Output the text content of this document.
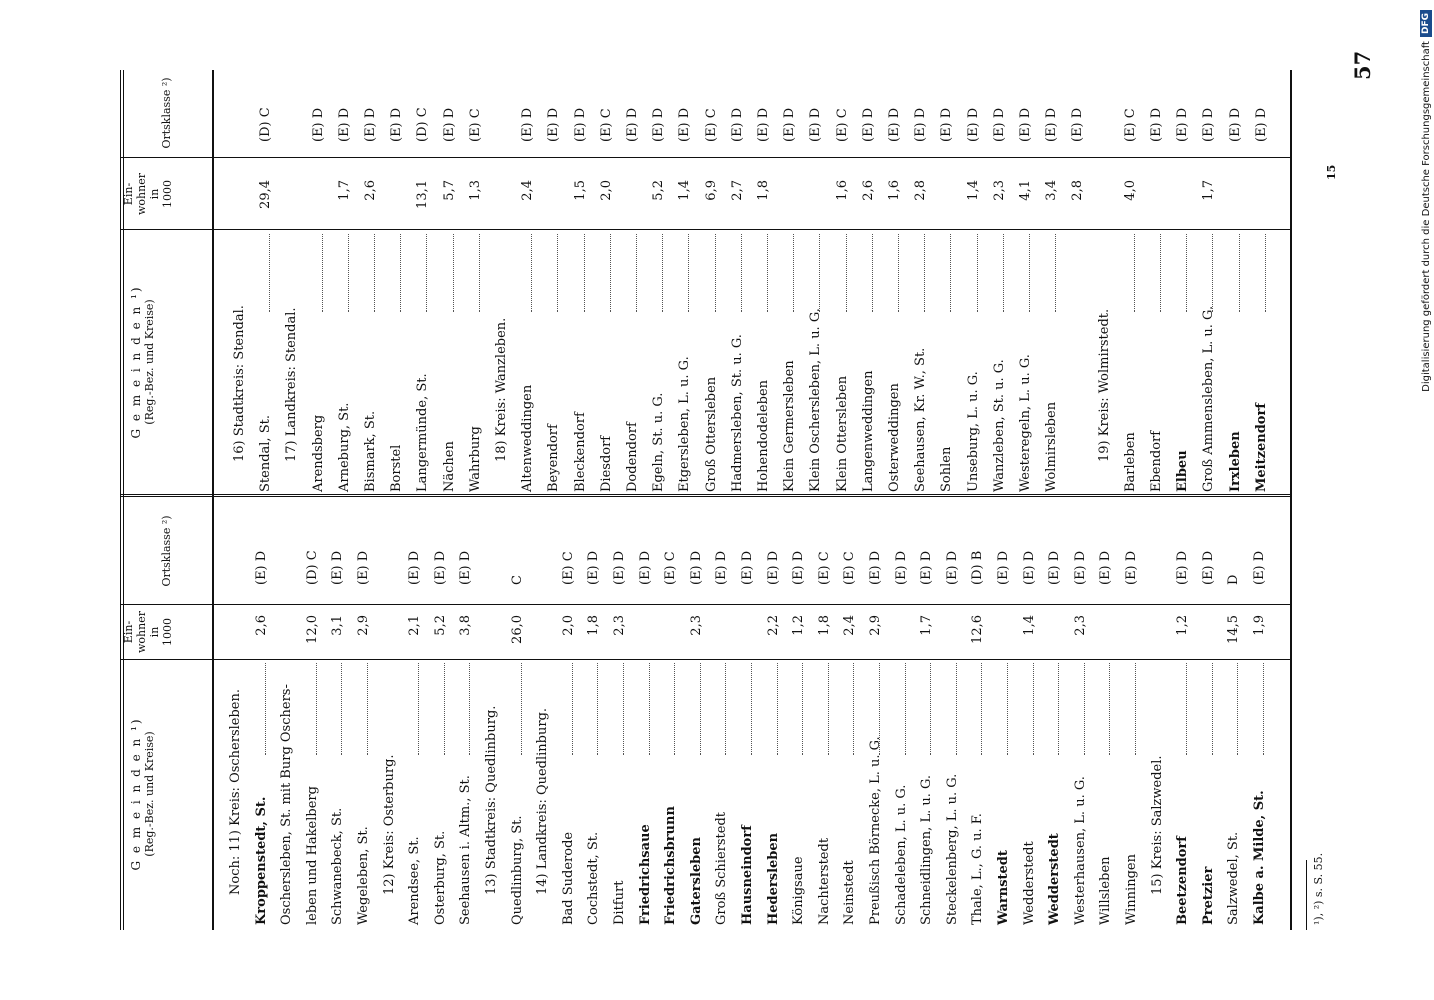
57
15
G e m e i n d e n ¹) (Reg.-Bez. und Kreise)
Ein-
wohner
in
1000
Ortsklasse ²)
G e m e i n d e n ¹) (Reg.-Bez. und Kreise)
Ein-
wohner
in
1000
Ortsklasse ²)
Noch: 11) Kreis: Oschersleben. Kroppenstedt, St.
2,6
(E) D
Oschersleben, St. mit Burg Oschers- leben und Hakelberg
12,0
(D) C
Schwanebeck, St.
3,1
(E) D
Wegeleben, St.
2,9
(E) D
12) Kreis: Osterburg. Arendsee, St.
2,1
(E) D
Osterburg, St.
5,2
(E) D
Seehausen i. Altm., St.
3,8
(E) D
13) Stadtkreis: Quedlinburg. Quedlinburg, St.
26,0
C
14) Landkreis: Quedlinburg. Bad Suderode
2,0
(E) C
Cochstedt, St.
1,8
(E) D
Ditfurt
2,3
(E) D
Friedrichsaue
(E) D
Friedrichsbrunn
(E) C
Gatersleben
2,3
(E) D
Groß Schierstedt
(E) D
Hausneindorf
(E) D
Hedersleben
2,2
(E) D
Königsaue
1,2
(E) D
Nachterstedt
1,8
(E) C
Neinstedt
2,4
(E) C
Preußisch Börnecke, L. u. G.
2,9
(E) D
Schadeleben, L. u. G.
(E) D
Schneidlingen, L. u. G.
1,7
(E) D
Steckelenberg, L. u. G.
(E) D
Thale, L., G. u. F.
12,6
(D) B
Warnstedt
(E) D
Wedderstedt
1,4
(E) D
Wedderstedt
(E) D
Westerhausen, L. u. G.
2,3
(E) D
Willsleben
(E) D
Winningen
(E) D
15) Kreis: Salzwedel. Beetzendorf
1,2
(E) D
Pretzier
(E) D
Salzwedel, St.
14,5
D
Kalbe a. Milde, St.
1,9
(E) D
16) Stadtkreis: Stendal. Stendal, St.
29,4
(D) C
17) Landkreis: Stendal. Arendsberg
(E) D
Arneburg, St.
1,7
(E) D
Bismark, St.
2,6
(E) D
Borstel
(E) D
Langermünde, St.
13,1
(D) C
Nächen
5,7
(E) D
Wahrburg
1,3
(E) C
18) Kreis: Wanzleben. Altenweddingen
2,4
(E) D
Beyendorf
(E) D
Bleckendorf
1,5
(E) D
Diesdorf
2,0
(E) C
Dodendorf
(E) D
Egeln, St. u. G.
5,2
(E) D
Etgersleben, L. u. G.
1,4
(E) D
Groß Ottersleben
6,9
(E) C
Hadmersleben, St. u. G.
2,7
(E) D
Hohendodeleben
1,8
(E) D
Klein Germersleben
(E) D
Klein Oschersleben, L. u. G.
(E) D
Klein Ottersleben
1,6
(E) C
Langenweddingen
2,6
(E) D
Osterweddingen
1,6
(E) D
Seehausen, Kr. W., St.
2,8
(E) D
Sohlen
(E) D
Unseburg, L. u. G.
1,4
(E) D
Wanzleben, St. u. G.
2,3
(E) D
Westeregeln, L. u. G.
4,1
(E) D
Wolmirsleben
3,4
(E) D
2,8
(E) D
19) Kreis: Wolmirstedt.
Barleben
4,0
(E) C
Ebendorf
(E) D
Elbeu
(E) D
Groß Ammensleben, L. u. G.
1,7
(E) D
Irxleben
(E) D
Meitzendorf
(E) D
¹), ²) s. S. 55.
Digitalisierung gefördert durch die Deutsche Forschungsgemeinschaft
DFG
